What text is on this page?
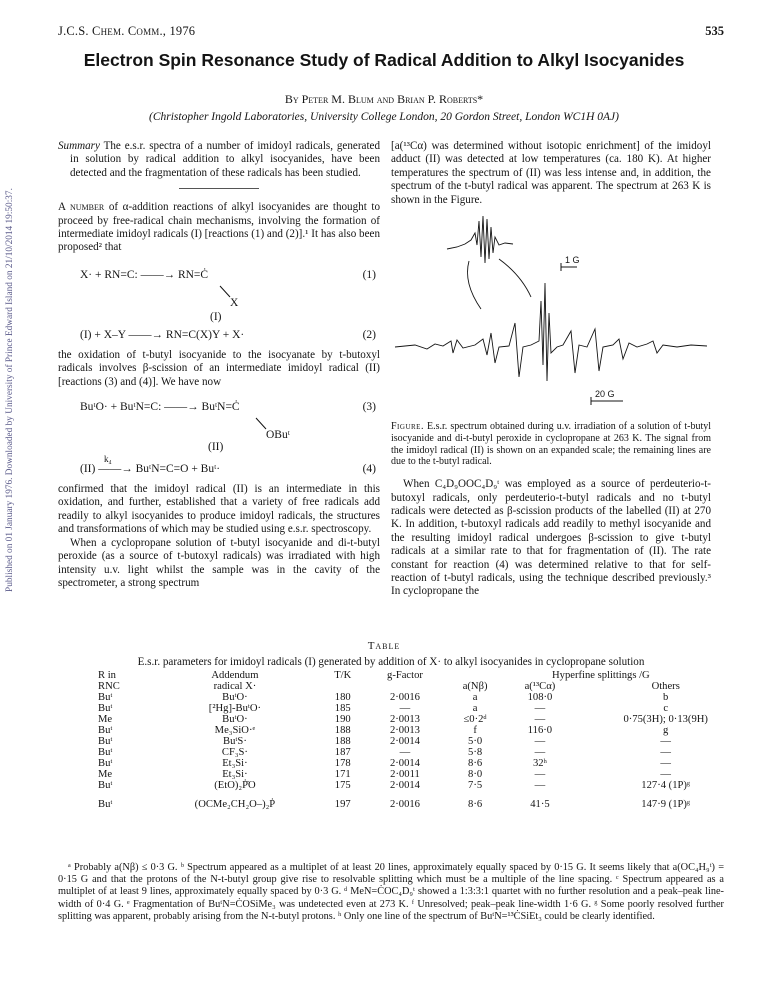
Published on 01 January 1976. Downloaded by University of Prince Edward Island on 21/10/2014 19:50:37.
J.C.S. Chem. Comm., 1976	535
Electron Spin Resonance Study of Radical Addition to Alkyl Isocyanides
By Peter M. Blum and Brian P. Roberts*
(Christopher Ingold Laboratories, University College London, 20 Gordon Street, London WC1H 0AJ)

Summary The e.s.r. spectra of a number of imidoyl radicals, generated in solution by radical addition to alkyl isocyanides, have been detected and the fragmentation of these radicals has been studied.

A number of α-addition reactions of alkyl isocyanides are thought to proceed by free-radical chain mechanisms, involving the formation of intermediate imidoyl radicals (I) [reactions (1) and (2)].¹ It has also been proposed² that

X· + RN=C: ——→ RN=Ċ	(1)
X
(I)
(I) + X–Y ——→ RN=C(X)Y + X·	(2)

the oxidation of t-butyl isocyanide to the isocyanate by t-butoxyl radicals involves β-scission of an intermediate imidoyl radical (II) [reactions (3) and (4)]. We have now

BuᵗO· + BuᵗN=C: ——→ BuᵗN=Ċ	(3)
OBuᵗ
(II)
k₄
(II) ——→ BuᵗN=C=O + Buᵗ·	(4)

confirmed that the imidoyl radical (II) is an intermediate in this oxidation, and further, established that a variety of free radicals add readily to alkyl isocyanides to produce imidoyl radicals, the structures and transformations of which may be studied using e.s.r. spectroscopy.

When a cyclopropane solution of t-butyl isocyanide and di-t-butyl peroxide (as a source of t-butoxyl radicals) was irradiated with high intensity u.v. light whilst the sample was in the cavity of the spectrometer, a strong spectrum

[a(¹³Cα) was determined without isotopic enrichment] of the imidoyl adduct (II) was detected at low temperatures (ca. 180 K). At higher temperatures the spectrum of (II) was less intense and, in addition, the spectrum of the t-butyl radical was apparent. The spectrum at 263 K is shown in the Figure.

1 G
20 G

Figure. E.s.r. spectrum obtained during u.v. irradiation of a solution of t-butyl isocyanide and di-t-butyl peroxide in cyclopropane at 263 K. The signal from the imidoyl radical (II) is shown on an expanded scale; the remaining lines are due to the t-butyl radical.

When C₄D₉OOC₄D₉ᵗ was employed as a source of perdeuterio-t-butoxyl radicals, only perdeuterio-t-butyl radicals and no t-butyl radicals were detected as β-scission products of the labelled (II) at 270 K. In addition, t-butoxyl radicals add readily to methyl isocyanide and the resulting imidoyl radical undergoes β-scission to give t-butyl radicals at a similar rate to that for fragmentation of (II). The rate constant for reaction (4) was determined relative to that for self-reaction of t-butyl radicals, using the technique described previously.³ In cyclopropane the

Table
E.s.r. parameters for imidoyl radicals (I) generated by addition of X· to alkyl isocyanides in cyclopropane solution
R in	Addendum	T/K	g-Factor	Hyperfine splittings /G		
RNC	radical X·			a(Nβ)	a(¹³Cα)	Others
Buᵗ	BuᵗO·	180	2·0016	a	108·0	b
Buᵗ	[²Hg]-BuᵗO·	185	—	a	—	c
Me	BuᵗO·	190	2·0013	≤0·2ᵈ	—	0·75(3H); 0·13(9H)
Buᵗ	Me₃SiO·ᵉ	188	2·0013	f	116·0	g
Buᵗ	BuᵗS·	188	2·0014	5·0	—	—
Buᵗ	CF₃S·	187	—	5·8	—	—
Buᵗ	Et₃Si·	178	2·0014	8·6	32ʰ	—
Me	Et₃Si·	171	2·0011	8·0	—	—
Buᵗ	(EtO)₂Ṗ̇O	175	2·0014	7·5	—	127·4 (1P)ᵍ
Buᵗ	(OCMe₂CH₂O–)₂Ṗ	197	2·0016	8·6	41·5	147·9 (1P)ᵍ

ᵃ Probably a(Nβ) ≤ 0·3 G. ᵇ Spectrum appeared as a multiplet of at least 20 lines, approximately equally spaced by 0·15 G. It seems likely that a(OC₄H₉ᵗ) = 0·15 G and that the protons of the N-t-butyl group give rise to resolvable splitting which must be a multiple of the line spacing. ᶜ Spectrum appeared as a multiplet of at least 9 lines, approximately equally spaced by 0·3 G. ᵈ MeN=ĊOC₄D₉ᵗ showed a 1:3:3:1 quartet with no further resolution and a peak–peak line-width of 0·4 G. ᵉ Fragmentation of BuᵗN=ĊOSiMe₃ was undetected even at 273 K. ᶠ Unresolved; peak–peak line-width 1·6 G. ᵍ Some poorly resolved further splitting was apparent, probably arising from the N-t-butyl protons. ʰ Only one line of the spectrum of BuᵗN=¹³ĊSiEt₃ could be clearly identified.
